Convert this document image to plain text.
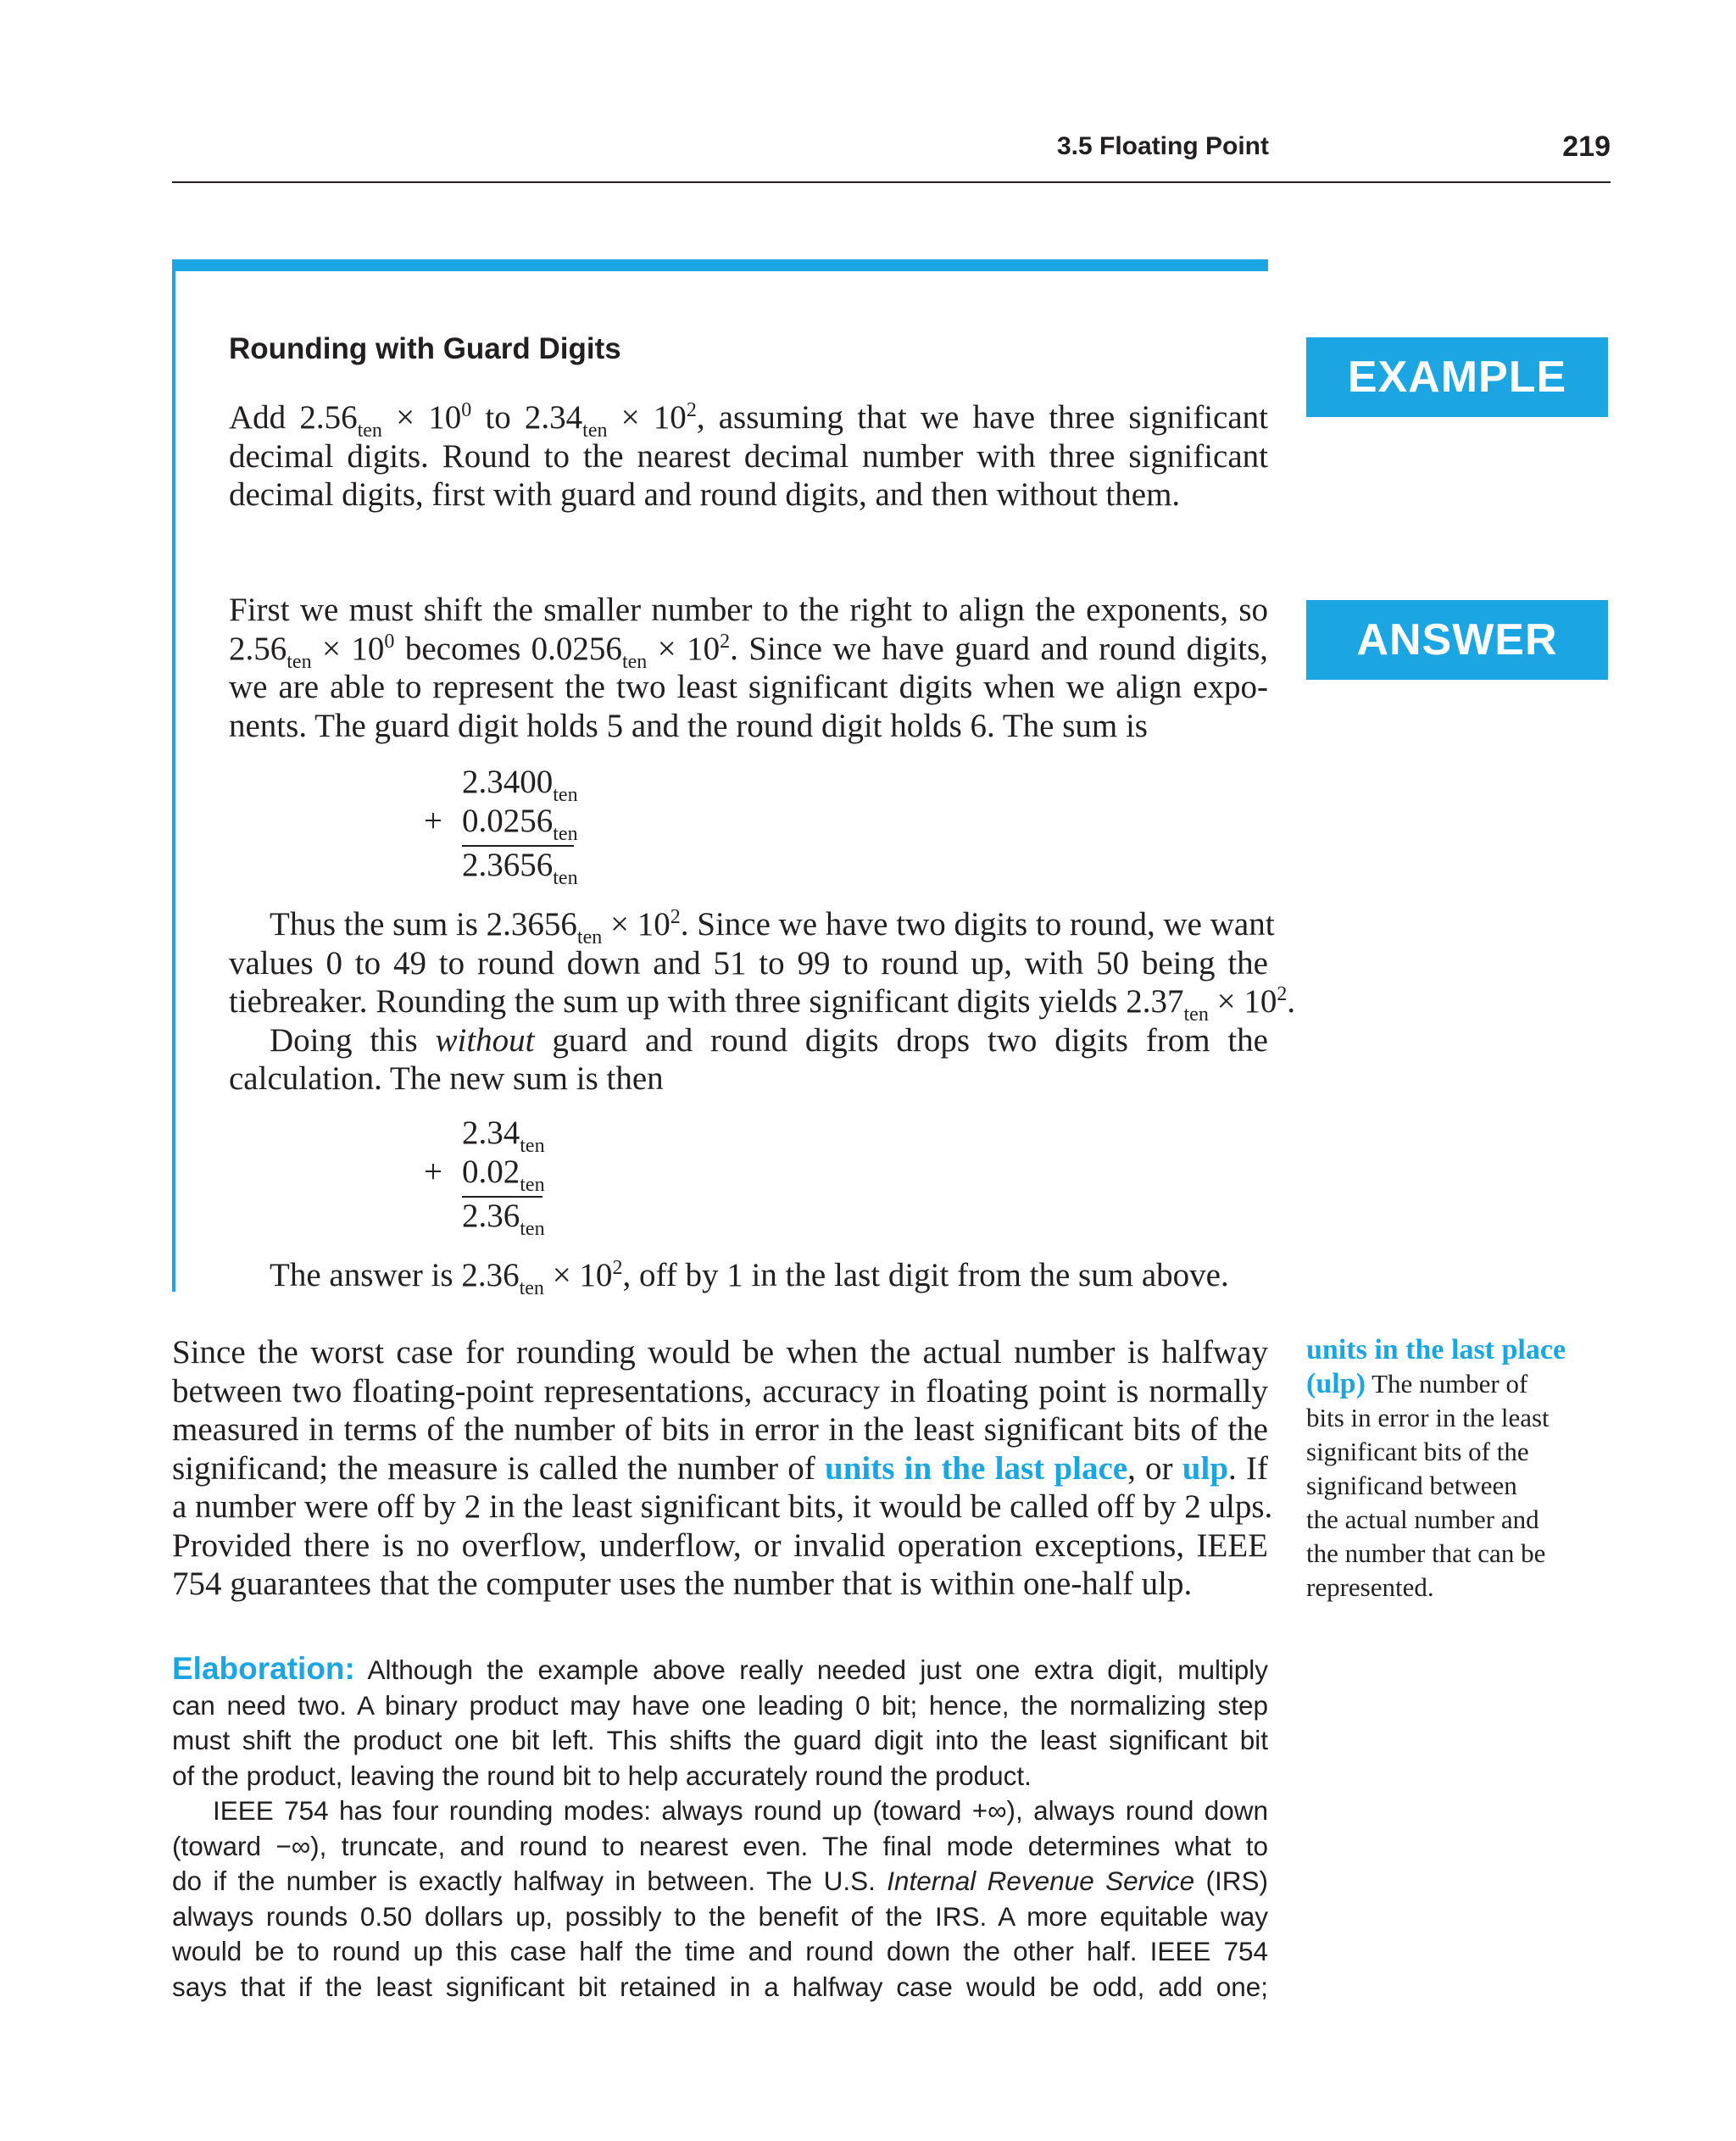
3.5 Floating Point	219
EXAMPLE
ANSWER
Rounding with Guard Digits
Add $2.56_{ten} \times 10^0$ to $2.34_{ten} \times 10^2$, assuming that we have three significant
decimal digits. Round to the nearest decimal number with three significant
decimal digits, first with guard and round digits, and then without them.
First we must shift the smaller number to the right to align the exponents, so
$2.56_{ten} \times 10^0$ becomes $0.0256_{ten} \times 10^2$. Since we have guard and round digits,
we are able to represent the two least significant digits when we align expo-
nents. The guard digit holds 5 and the round digit holds 6. The sum is
$2.3400_{ten}$
+ $0.0256_{ten}$
$2.3656_{ten}$
Thus the sum is $2.3656_{ten} \times 10^2$. Since we have two digits to round, we want
values 0 to 49 to round down and 51 to 99 to round up, with 50 being the
tiebreaker. Rounding the sum up with three significant digits yields $2.37_{ten} \times 10^2$.
Doing this without guard and round digits drops two digits from the
calculation. The new sum is then
$2.34_{ten}$
+ $0.02_{ten}$
$2.36_{ten}$
The answer is $2.36_{ten} \times 10^2$, off by 1 in the last digit from the sum above.
Since the worst case for rounding would be when the actual number is halfway
between two floating-point representations, accuracy in floating point is normally
measured in terms of the number of bits in error in the least significant bits of the
significand; the measure is called the number of units in the last place, or ulp. If
a number were off by 2 in the least significant bits, it would be called off by 2 ulps.
Provided there is no overflow, underflow, or invalid operation exceptions, IEEE
754 guarantees that the computer uses the number that is within one-half ulp.
units in the last place
(ulp) The number of
bits in error in the least
significant bits of the
significand between
the actual number and
the number that can be
represented.
Elaboration: Although the example above really needed just one extra digit, multiply
can need two. A binary product may have one leading 0 bit; hence, the normalizing step
must shift the product one bit left. This shifts the guard digit into the least significant bit
of the product, leaving the round bit to help accurately round the product.
IEEE 754 has four rounding modes: always round up (toward +∞), always round down
(toward −∞), truncate, and round to nearest even. The final mode determines what to
do if the number is exactly halfway in between. The U.S. Internal Revenue Service (IRS)
always rounds 0.50 dollars up, possibly to the benefit of the IRS. A more equitable way
would be to round up this case half the time and round down the other half. IEEE 754
says that if the least significant bit retained in a halfway case would be odd, add one;
